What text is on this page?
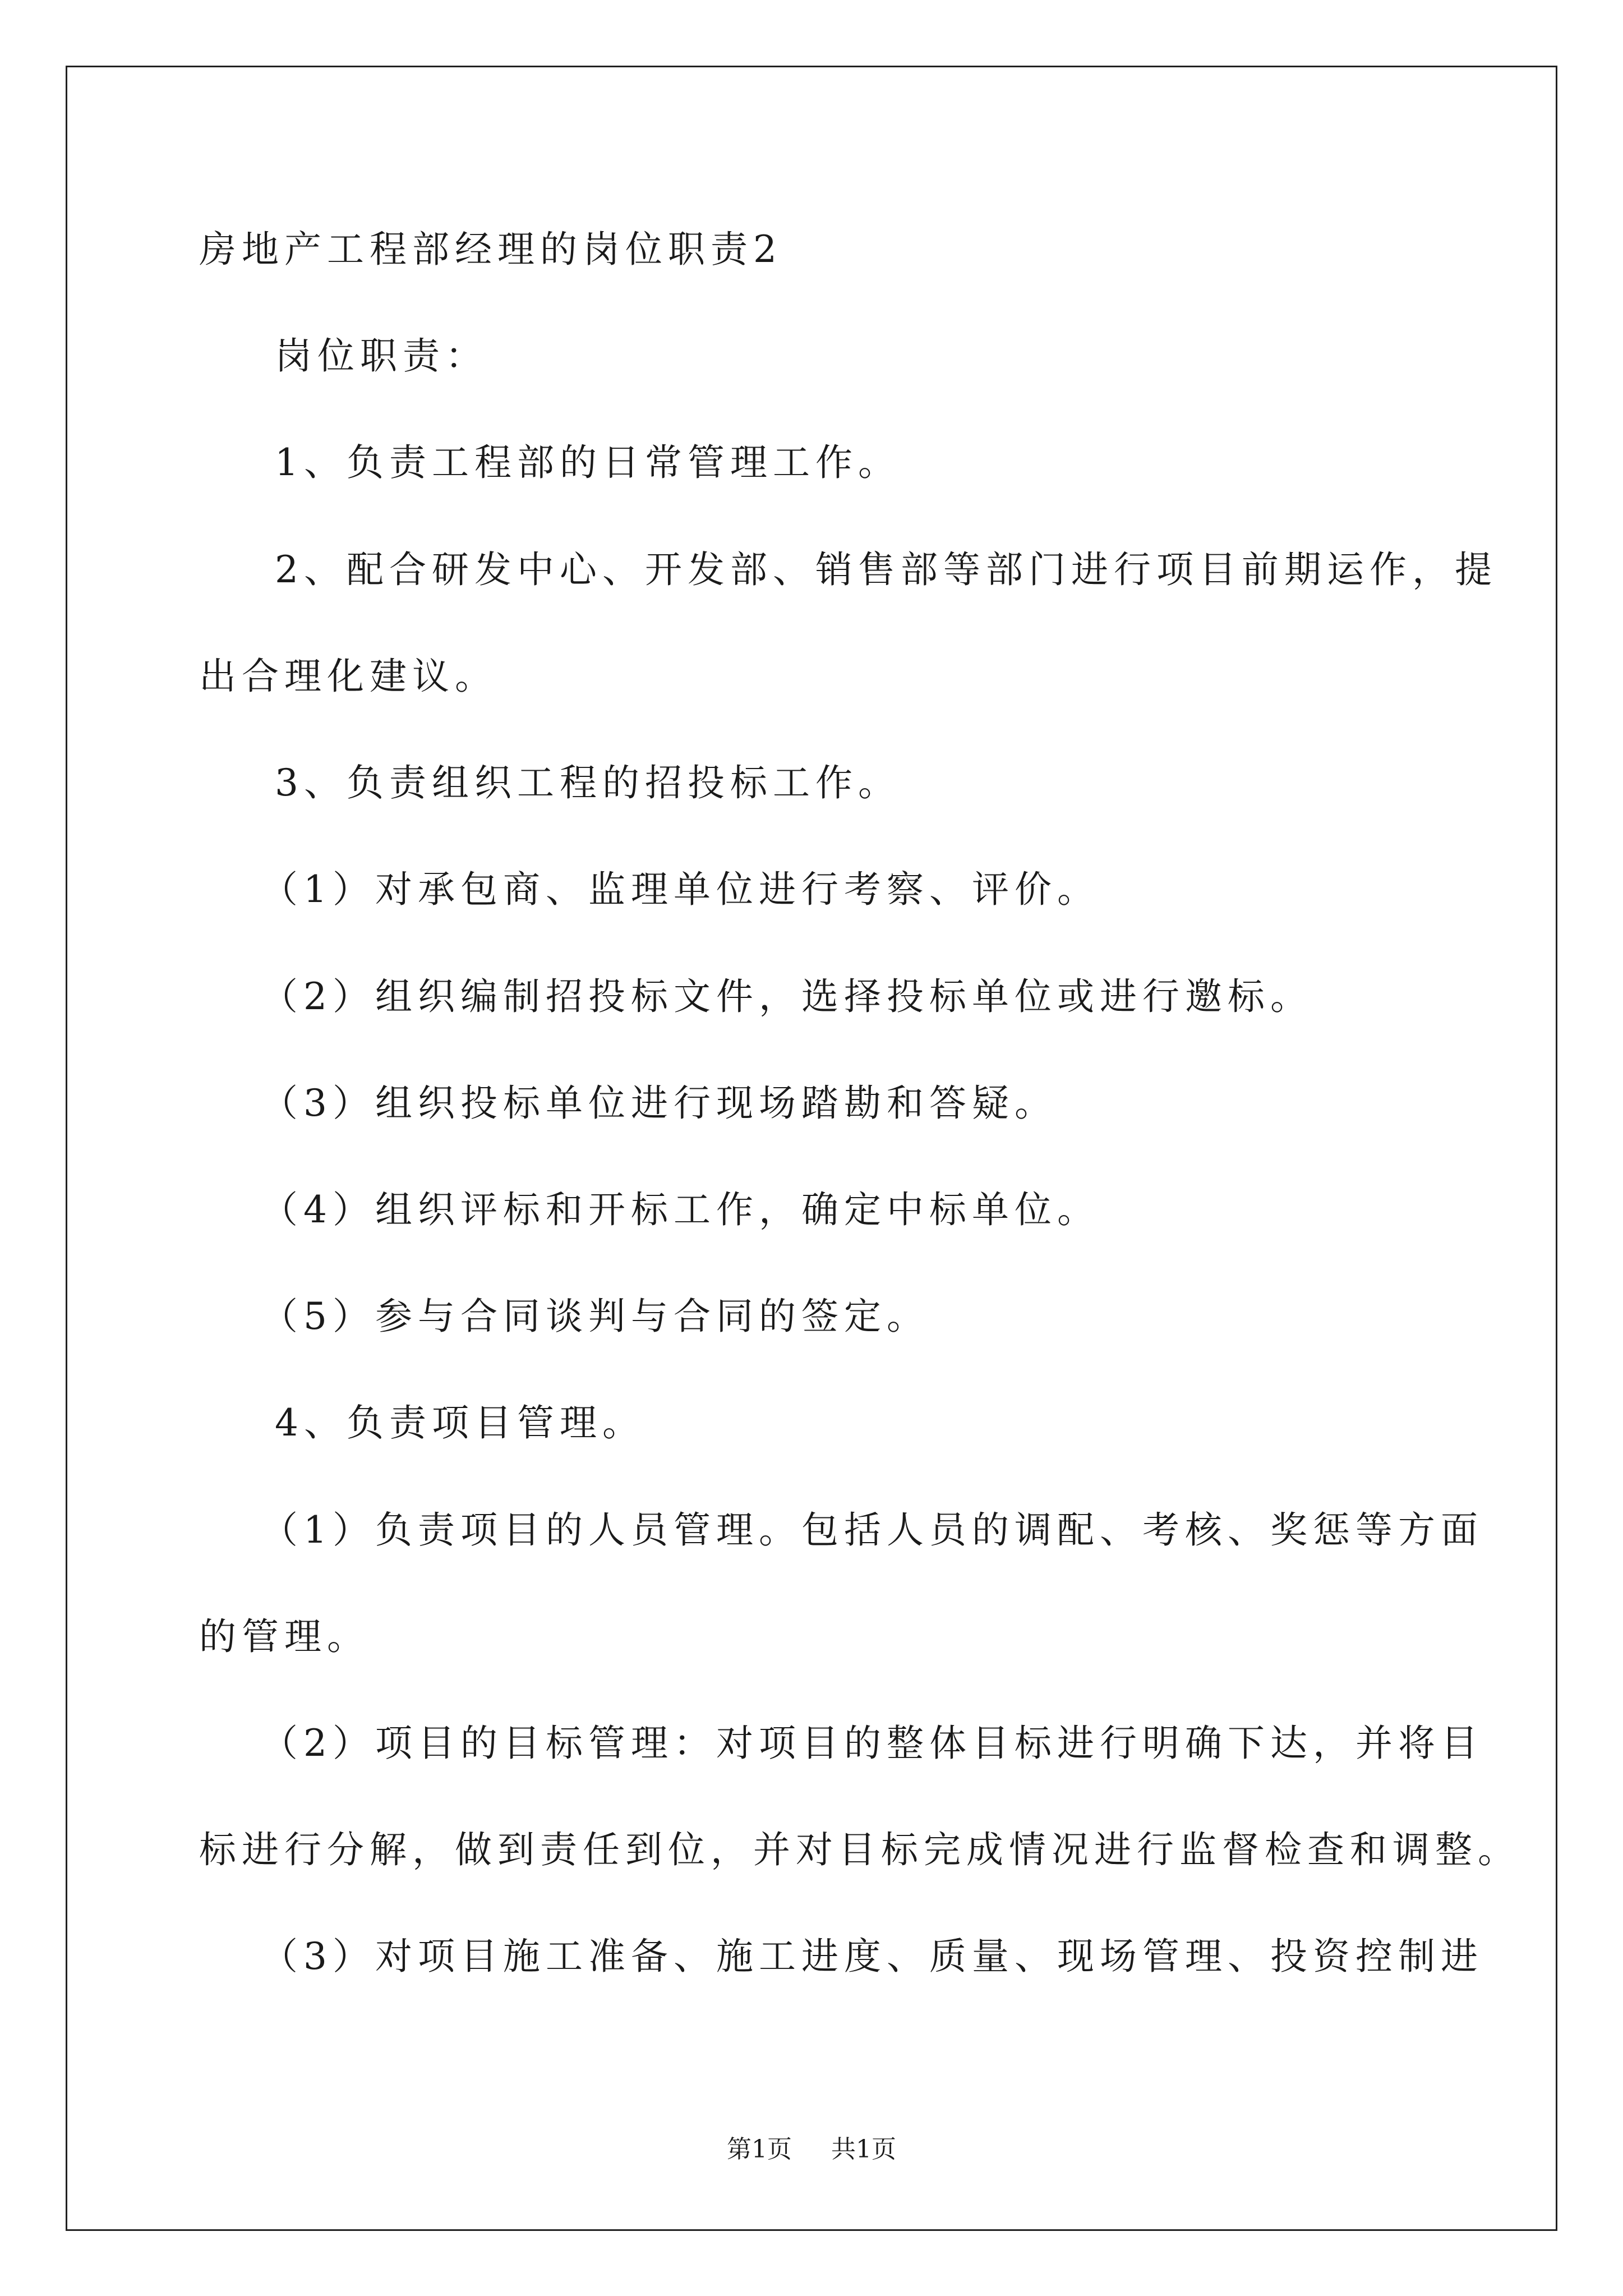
房地产工程部经理的岗位职责2

岗位职责：

1、负责工程部的日常管理工作。

2、配合研发中心、开发部、销售部等部门进行项目前期运作，提

出合理化建议。

3、负责组织工程的招投标工作。

（1）对承包商、监理单位进行考察、评价。

（2）组织编制招投标文件，选择投标单位或进行邀标。

（3）组织投标单位进行现场踏勘和答疑。

（4）组织评标和开标工作，确定中标单位。

（5）参与合同谈判与合同的签定。

4、负责项目管理。

（1）负责项目的人员管理。包括人员的调配、考核、奖惩等方面

的管理。

（2）项目的目标管理：对项目的整体目标进行明确下达，并将目

标进行分解，做到责任到位，并对目标完成情况进行监督检查和调整。

（3）对项目施工准备、施工进度、质量、现场管理、投资控制进

第1页 共1页
